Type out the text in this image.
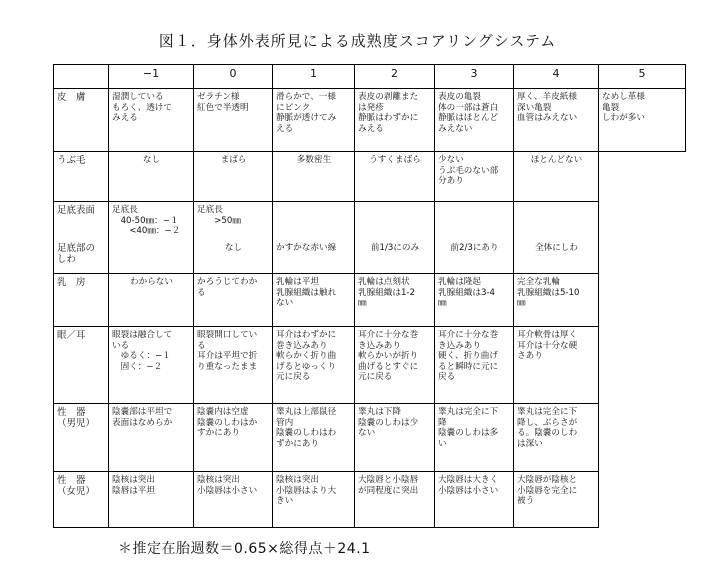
図１．身体外表所見による成熟度スコアリングシステム
	−1	0	1	2	3	4	5
皮　膚	湿潤している
もろく、透けて
みえる	ゼラチン様
紅色で半透明	滑らかで、一様
にピンク
静脈が透けてみ
える	表皮の剥離また
は発疹
静脈はわずかに
みえる	表皮の亀裂
体の一部は蒼白
静脈はほとんど
みえない	厚く、羊皮紙様
深い亀裂
血管はみえない	なめし革様
亀裂
しわが多い
うぶ毛	なし	まばら	多数密生	うすくまばら	少ない
うぶ毛のない部
分あり	ほとんどない	
足底表面	足底長
　40-50㎜：−１
　　<40㎜：−２	足底長
　　>50㎜					
足底部の
しわ		なし	かすかな赤い線	前1/3にのみ	前2/3にあり	全体にしわ	
乳　房	わからない	かろうじてわか
る	乳輪は平坦
乳腺組織は触れ
ない	乳輪は点刻状
乳腺組織は1-2
㎜	乳輪は隆起
乳腺組織は3-4
㎜	完全な乳輪
乳腺組織は5-10
㎜	
眼／耳	眼裂は融合して
いる
　ゆるく：−１
　固く：−２	眼裂開口してい
る
耳介は平坦で折
り重なったまま	耳介はわずかに
巻き込みあり
軟らかく折り曲
げるとゆっくり
元に戻る	耳介に十分な巻
き込みあり
軟らかいが折り
曲げるとすぐに
元に戻る	耳介に十分な巻
き込みあり
硬く、折り曲げ
ると瞬時に元に
戻る	耳介軟骨は厚く
耳介は十分な硬
さあり	
性　器
（男児）	陰嚢部は平坦で
表面はなめらか	陰嚢内は空虚
陰嚢のしわはか
すかにあり	睾丸は上部鼠径
管内
陰嚢のしわはわ
ずかにあり	睾丸は下降
陰嚢のしわは少
ない	睾丸は完全に下
降
陰嚢のしわは多
い	睾丸は完全に下
降し、ぶらさが
る。陰嚢のしわ
は深い	
性　器
（女児）	陰核は突出
陰唇は平坦	陰核は突出
小陰唇は小さい	陰核は突出
小陰唇はより大
きい	大陰唇と小陰唇
が同程度に突出	大陰唇は大きく
小陰唇は小さい	大陰唇が陰核と
小陰唇を完全に
被う	
＊推定在胎週数＝0.65×総得点＋24.1
